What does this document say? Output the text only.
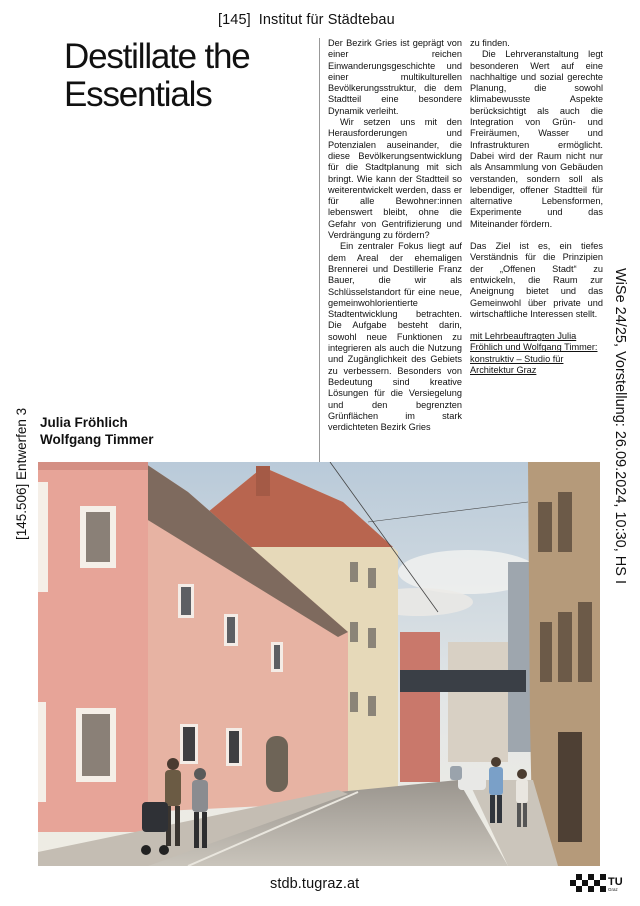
[145] Institut für Städtebau
Destillate the
Essentials

Der Bezirk Gries ist geprägt von einer reichen Einwanderungsgeschichte und einer multikulturellen Bevölkerungsstruktur, die dem Stadtteil eine besondere Dynamik verleiht.

Wir setzen uns mit den Herausforderungen und Potenzialen auseinander, die diese Bevölkerungsentwicklung für die Stadtplanung mit sich bringt. Wie kann der Stadtteil so weiterentwickelt werden, dass er für alle Bewohner:innen lebenswert bleibt, ohne die Gefahr von Gentrifizierung und Verdrängung zu fördern?

Ein zentraler Fokus liegt auf dem Areal der ehemaligen Brennerei und Destillerie Franz Bauer, die wir als Schlüsselstandort für eine neue, gemeinwohlorientierte Stadtentwicklung betrachten. Die Aufgabe besteht darin, sowohl neue Funktionen zu integrieren als auch die Nutzung und Zugänglichkeit des Gebiets zu verbessern. Besonders von Bedeutung sind kreative Lösungen für die Versiegelung und den begrenzten Grünflächen im stark verdichteten Bezirk Gries

zu finden.

Die Lehrveranstaltung legt besonderen Wert auf eine nachhaltige und sozial gerechte Planung, die sowohl klimabewusste Aspekte berücksichtigt als auch die Integration von Grün- und Freiräumen, Wasser und Infrastrukturen ermöglicht. Dabei wird der Raum nicht nur als Ansammlung von Gebäuden verstanden, sondern soll als lebendiger, offener Stadtteil für alternative Lebensformen, Experimente und das Miteinander fördern.

Das Ziel ist es, ein tiefes Verständnis für die Prinzipien der „Offenen Stadt“ zu entwickeln, die Raum zur Aneignung bietet und das Gemeinwohl über private und wirtschaftliche Interessen stellt.

mit Lehrbeauftragten Julia Fröhlich und Wolfgang Timmer: konstruktiv – Studio für Architektur Graz

Julia Fröhlich
Wolfgang Timmer
[145.506] Entwerfen 3	WiSe 24/25, Vorstellung: 26.09.2024, 10:30, HS I
stdb.tugraz.at	TU
Graz
